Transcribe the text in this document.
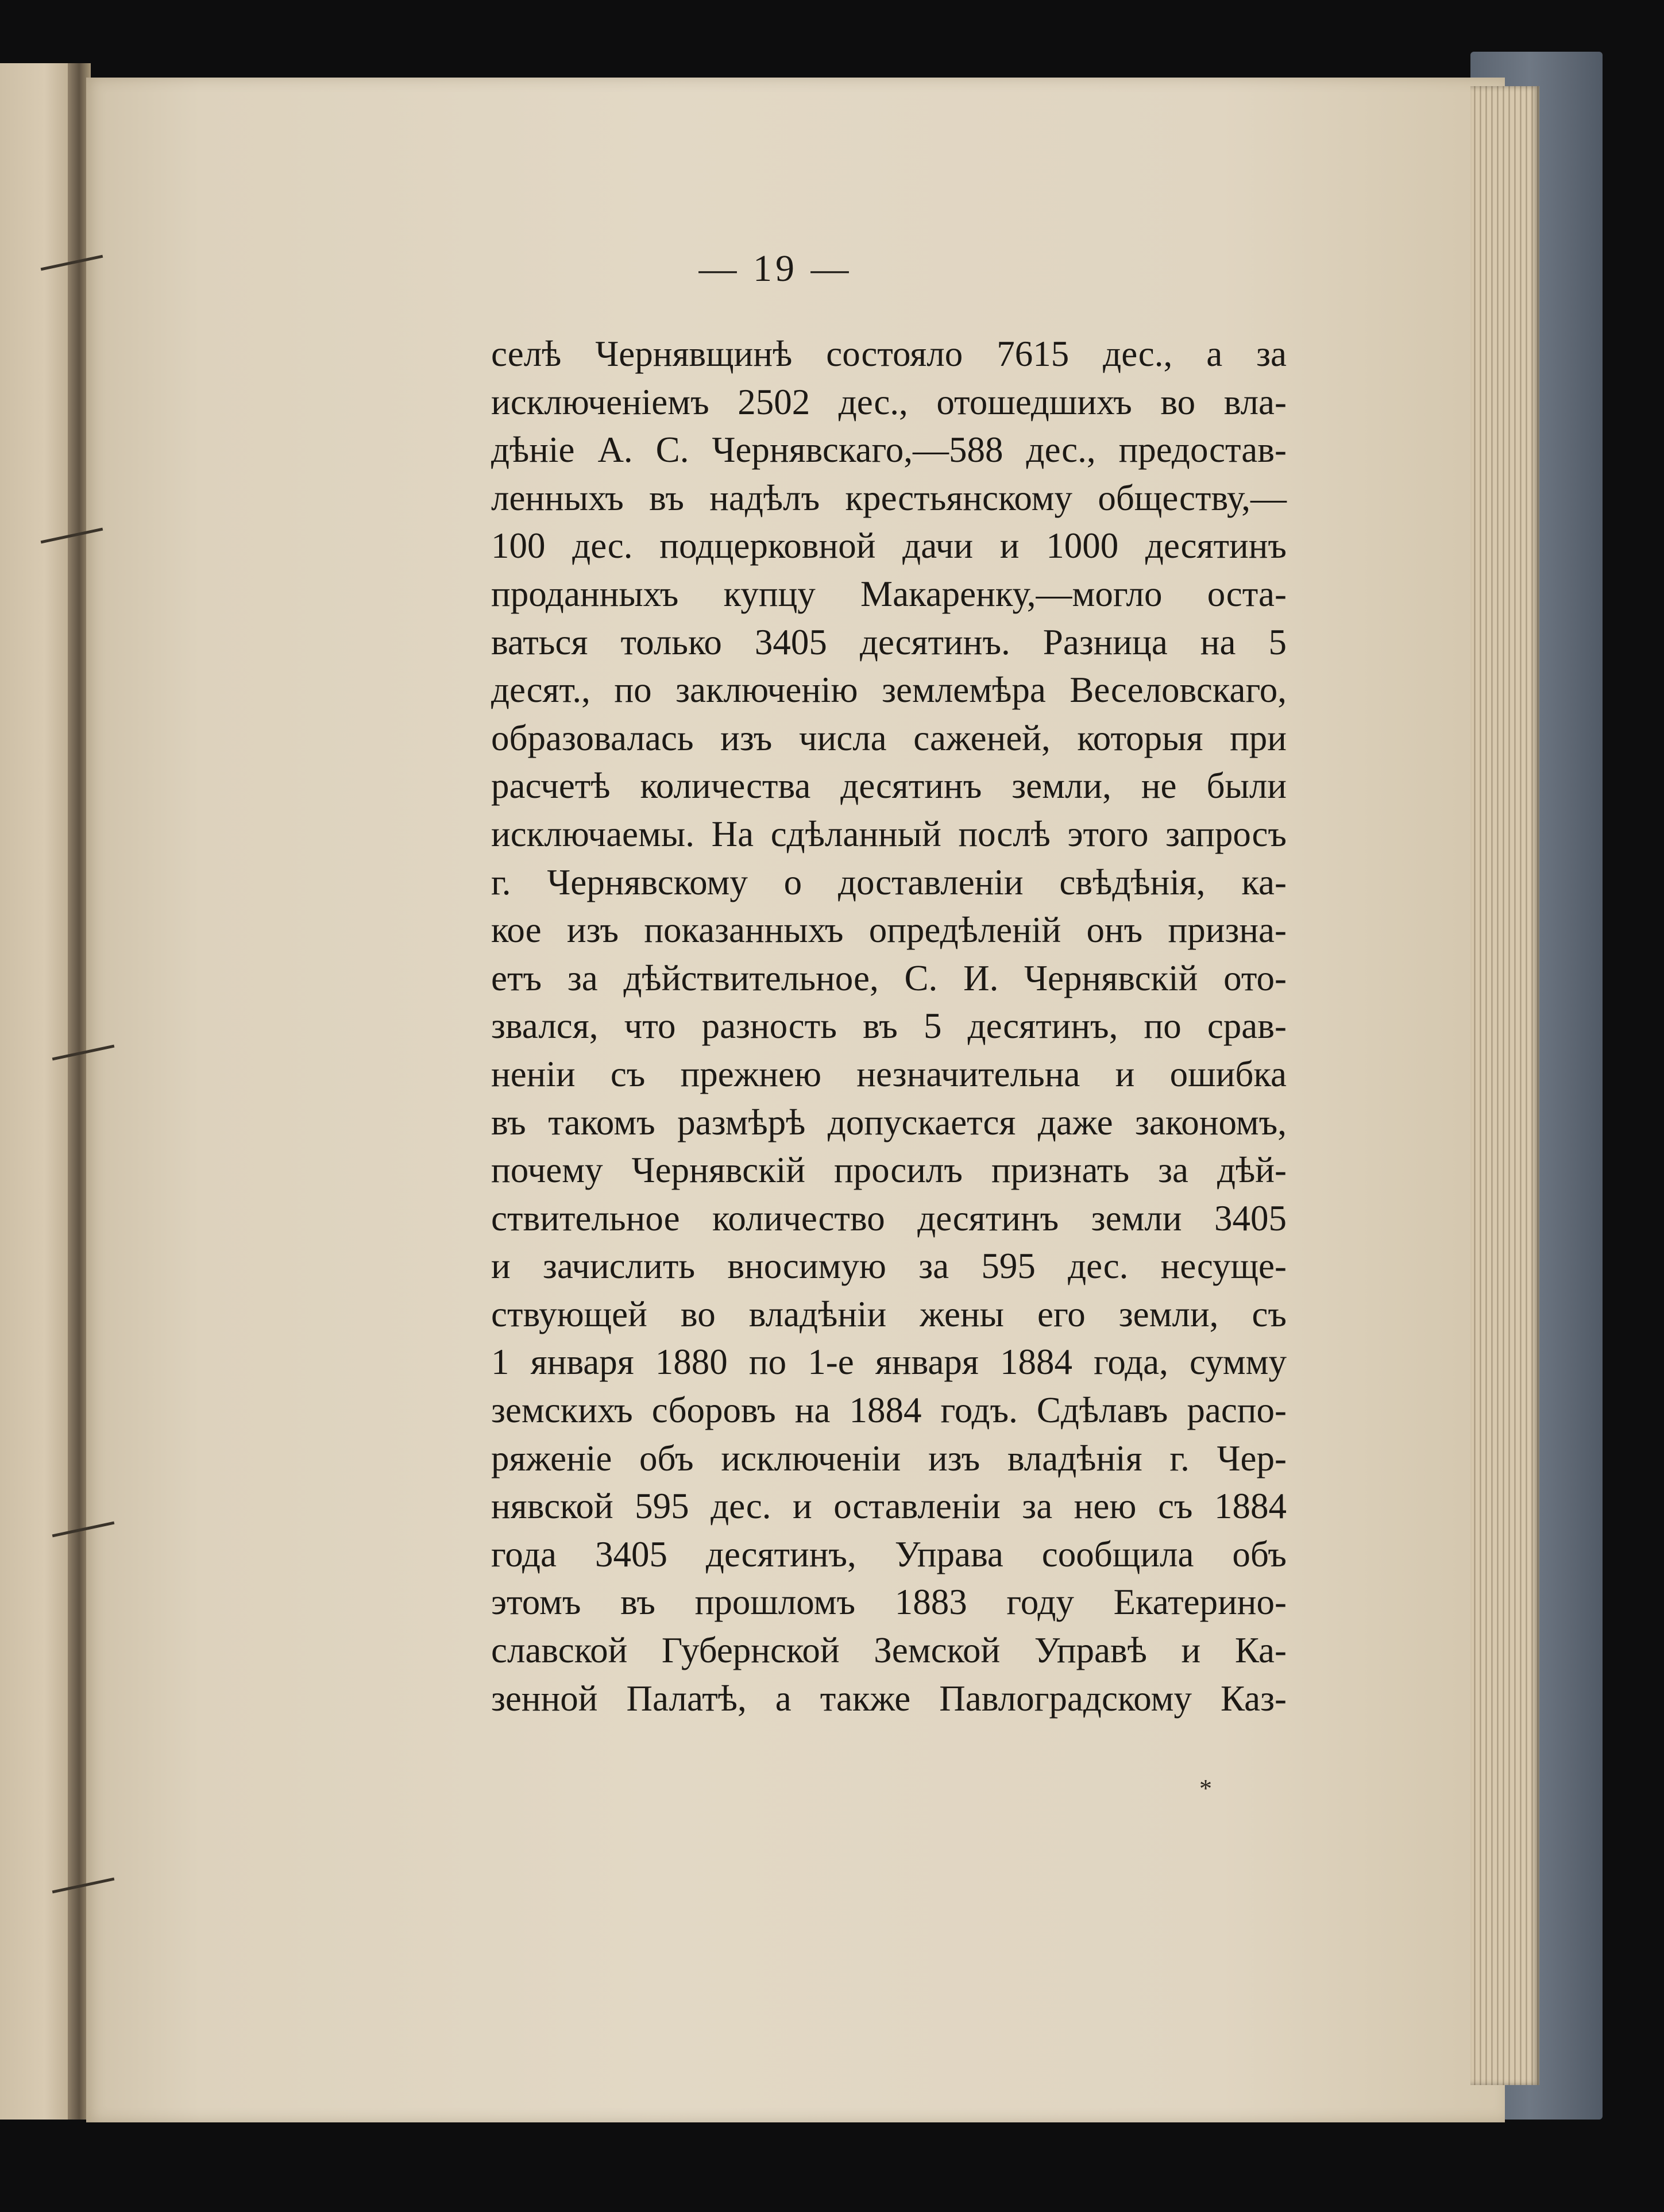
— 19 —
селѣ Чернявщинѣ состояло 7615 дес., а за
исключеніемъ 2502 дес., отошедшихъ во вла-
дѣніе А. С. Чернявскаго,—588 дес., предостав-
ленныхъ въ надѣлъ крестьянскому обществу,—
100 дес. подцерковной дачи и 1000 десятинъ
проданныхъ купцу Макаренку,—могло оста-
ваться только 3405 десятинъ. Разница на 5
десят., по заключенію землемѣра Веселовскаго,
образовалась изъ числа саженей, которыя при
расчетѣ количества десятинъ земли, не были
исключаемы. На сдѣланный послѣ этого запросъ
г. Чернявскому о доставленіи свѣдѣнія, ка-
кое изъ показанныхъ опредѣленій онъ призна-
етъ за дѣйствительное, С. И. Чернявскій ото-
звался, что разность въ 5 десятинъ, по срав-
неніи съ прежнею незначительна и ошибка
въ такомъ размѣрѣ допускается даже закономъ,
почему Чернявскій просилъ признать за дѣй-
ствительное количество десятинъ земли 3405
и зачислить вносимую за 595 дес. несуще-
ствующей во владѣніи жены его земли, съ
1 января 1880 по 1-е января 1884 года, сумму
земскихъ сборовъ на 1884 годъ. Сдѣлавъ распо-
ряженіе объ исключеніи изъ владѣнія г. Чер-
нявской 595 дес. и оставленіи за нею съ 1884
года 3405 десятинъ, Управа сообщила объ
этомъ въ прошломъ 1883 году Екатерино-
славской Губернской Земской Управѣ и Ка-
зенной Палатѣ, а также Павлоградскому Каз-
*
